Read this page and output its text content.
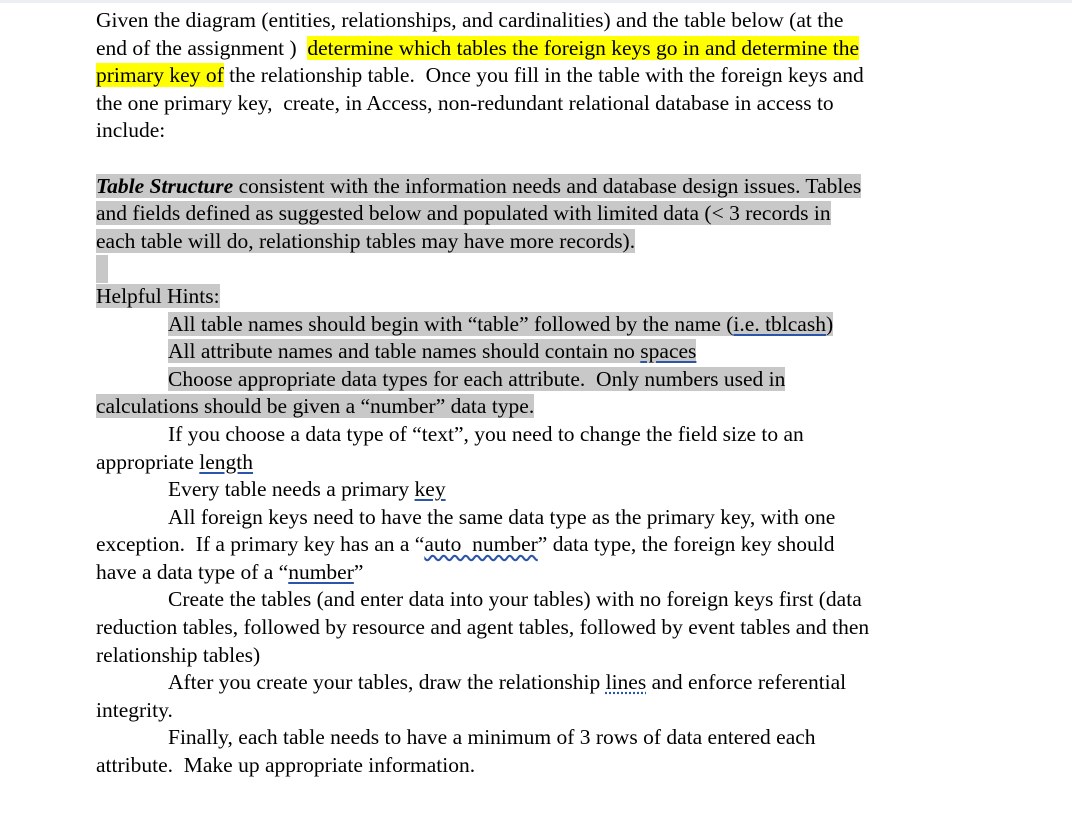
Given the diagram (entities, relationships, and cardinalities) and the table below (at the
end of the assignment )  determine which tables the foreign keys go in and determine the
primary key of the relationship table.  Once you fill in the table with the foreign keys and
the one primary key,  create, in Access, non-redundant relational database in access to
include:
Table Structure consistent with the information needs and database design issues. Tables
and fields defined as suggested below and populated with limited data (< 3 records in
each table will do, relationship tables may have more records).
Helpful Hints:
All table names should begin with “table” followed by the name (i.e. tblcash)
All attribute names and table names should contain no spaces
Choose appropriate data types for each attribute.  Only numbers used in
calculations should be given a “number” data type.
If you choose a data type of “text”, you need to change the field size to an
appropriate length
Every table needs a primary key
All foreign keys need to have the same data type as the primary key, with one
exception.  If a primary key has an a “auto  number” data type, the foreign key should
have a data type of a “number”
Create the tables (and enter data into your tables) with no foreign keys first (data
reduction tables, followed by resource and agent tables, followed by event tables and then
relationship tables)
After you create your tables, draw the relationship lines and enforce referential
integrity.
Finally, each table needs to have a minimum of 3 rows of data entered each
attribute.  Make up appropriate information.
